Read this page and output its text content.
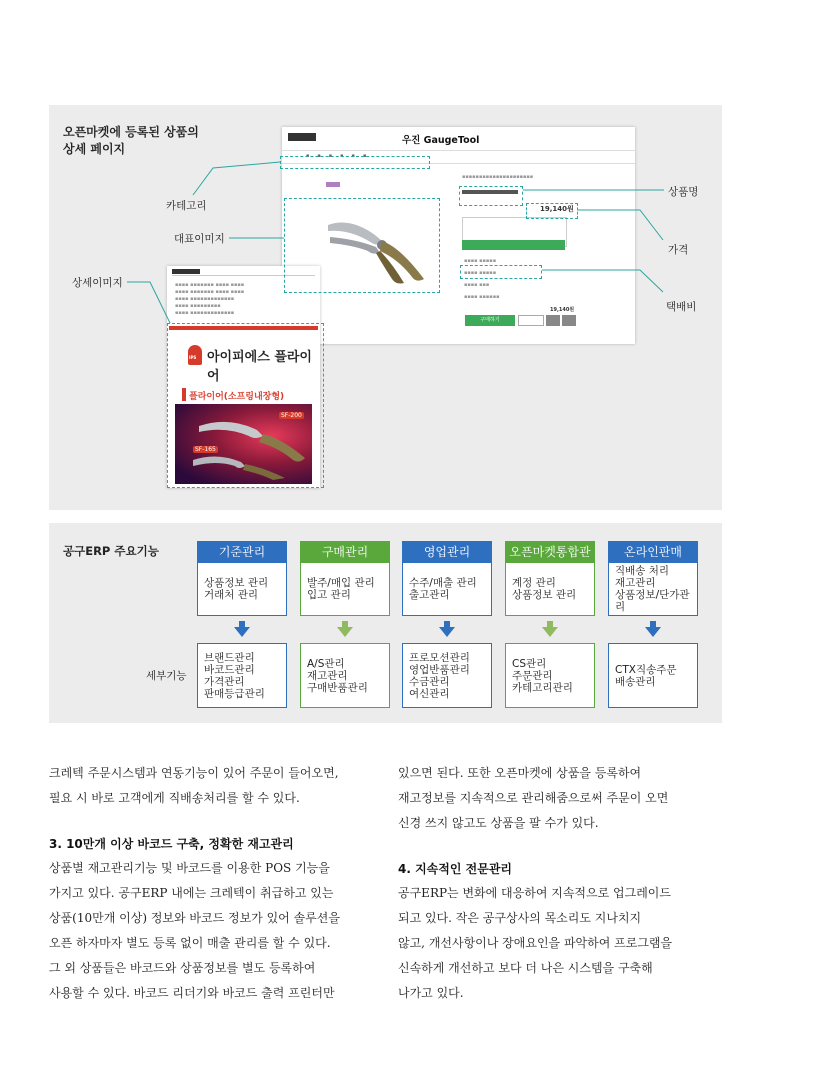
오픈마켓에 등록된 상품의
상세 페이지
우진 GaugeTool
▪▪▪▪▪▪
▪▪▪▪▪▪▪▪▪▪▪▪▪▪▪▪▪▪▪▪▪
19,140원
▪▪▪▪ ▪▪▪▪▪
▪▪▪▪ ▪▪▪▪▪
▪▪▪▪ ▪▪▪
▪▪▪▪ ▪▪▪▪▪▪
19,140원
구매하기
▪▪▪▪ ▪▪▪▪▪▪▪ ▪▪▪▪ ▪▪▪▪
▪▪▪▪ ▪▪▪▪▪▪▪ ▪▪▪▪ ▪▪▪▪
▪▪▪▪ ▪▪▪▪▪▪▪▪▪▪▪▪▪
▪▪▪▪ ▪▪▪▪▪▪▪▪▪
▪▪▪▪ ▪▪▪▪▪▪▪▪▪▪▪▪▪
IPS 아이피에스 플라이어
플라이어(소프링내장형)
SF-200
SF-165
카테고리
대표이미지
상세이미지
상품명
가격
택배비
공구ERP 주요기능
세부기능
기준관리
상품정보 관리
거래처 관리
브랜드관리
바코드관리
가격관리
판매등급관리
구매관리
발주/매입 관리
입고 관리
A/S관리
재고관리
구매반품관리
영업관리
수주/매출 관리
출고관리
프로모션관리
영업반품관리
수금관리
여신관리
오픈마켓통합관
계정 관리
상품정보 관리
CS관리
주문관리
카테고리관리
온라인판매
직배송 처리
재고관리
상품정보/단가관리
CTX직송주문
배송관리
크레텍 주문시스템과 연동기능이 있어 주문이 들어오면,
필요 시 바로 고객에게 직배송처리를 할 수 있다.
3. 10만개 이상 바코드 구축, 정확한 재고관리
상품별 재고관리기능 및 바코드를 이용한 POS 기능을
가지고 있다. 공구ERP 내에는 크레텍이 취급하고 있는
상품(10만개 이상) 정보와 바코드 정보가 있어 솔루션을
오픈 하자마자 별도 등록 없이 매출 관리를 할 수 있다.
그 외 상품들은 바코드와 상품정보를 별도 등록하여
사용할 수 있다. 바코드 리더기와 바코드 출력 프린터만
있으면 된다. 또한 오픈마켓에 상품을 등록하여
재고정보를 지속적으로 관리해줌으로써 주문이 오면
신경 쓰지 않고도 상품을 팔 수가 있다.
4. 지속적인 전문관리
공구ERP는 변화에 대응하여 지속적으로 업그레이드
되고 있다. 작은 공구상사의 목소리도 지나치지
않고, 개선사항이나 장애요인을 파악하여 프로그램을
신속하게 개선하고 보다 더 나은 시스템을 구축해
나가고 있다.
